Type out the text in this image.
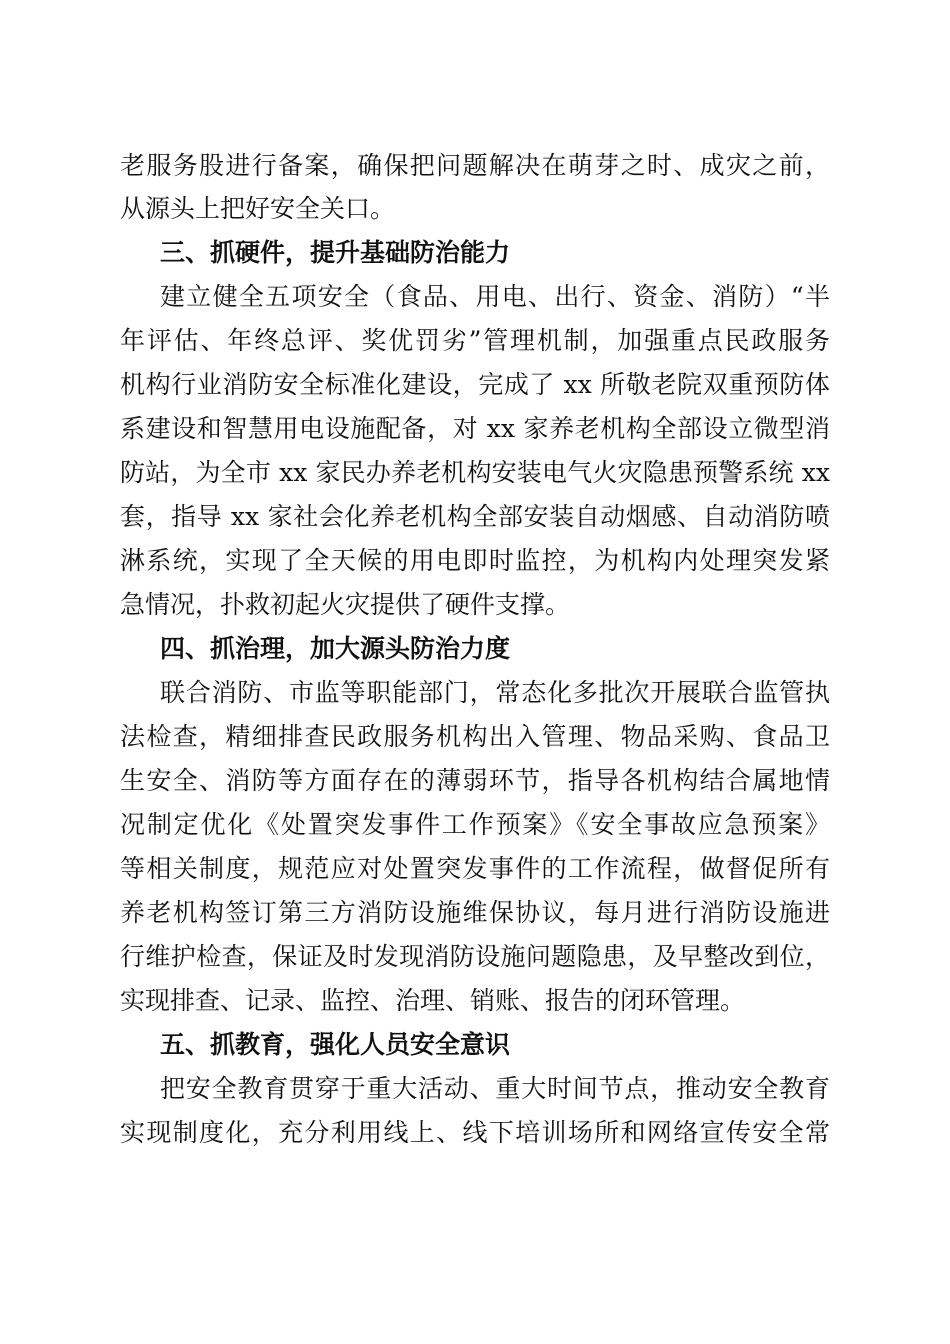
老服务股进行备案，确保把问题解决在萌芽之时、成灾之前，
从源头上把好安全关口。
三、抓硬件，提升基础防治能力
建立健全五项安全（食品、用电、出行、资金、消防）“半
年评估、年终总评、奖优罚劣”管理机制，加强重点民政服务
机构行业消防安全标准化建设，完成了 xx 所敬老院双重预防体
系建设和智慧用电设施配备，对 xx 家养老机构全部设立微型消
防站，为全市 xx 家民办养老机构安装电气火灾隐患预警系统 xx
套，指导 xx 家社会化养老机构全部安装自动烟感、自动消防喷
淋系统，实现了全天候的用电即时监控，为机构内处理突发紧
急情况，扑救初起火灾提供了硬件支撑。
四、抓治理，加大源头防治力度
联合消防、市监等职能部门，常态化多批次开展联合监管执
法检查，精细排查民政服务机构出入管理、物品采购、食品卫
生安全、消防等方面存在的薄弱环节，指导各机构结合属地情
况制定优化《处置突发事件工作预案》《安全事故应急预案》
等相关制度，规范应对处置突发事件的工作流程，做督促所有
养老机构签订第三方消防设施维保协议，每月进行消防设施进
行维护检查，保证及时发现消防设施问题隐患，及早整改到位，
实现排查、记录、监控、治理、销账、报告的闭环管理。
五、抓教育，强化人员安全意识
把安全教育贯穿于重大活动、重大时间节点，推动安全教育
实现制度化，充分利用线上、线下培训场所和网络宣传安全常
